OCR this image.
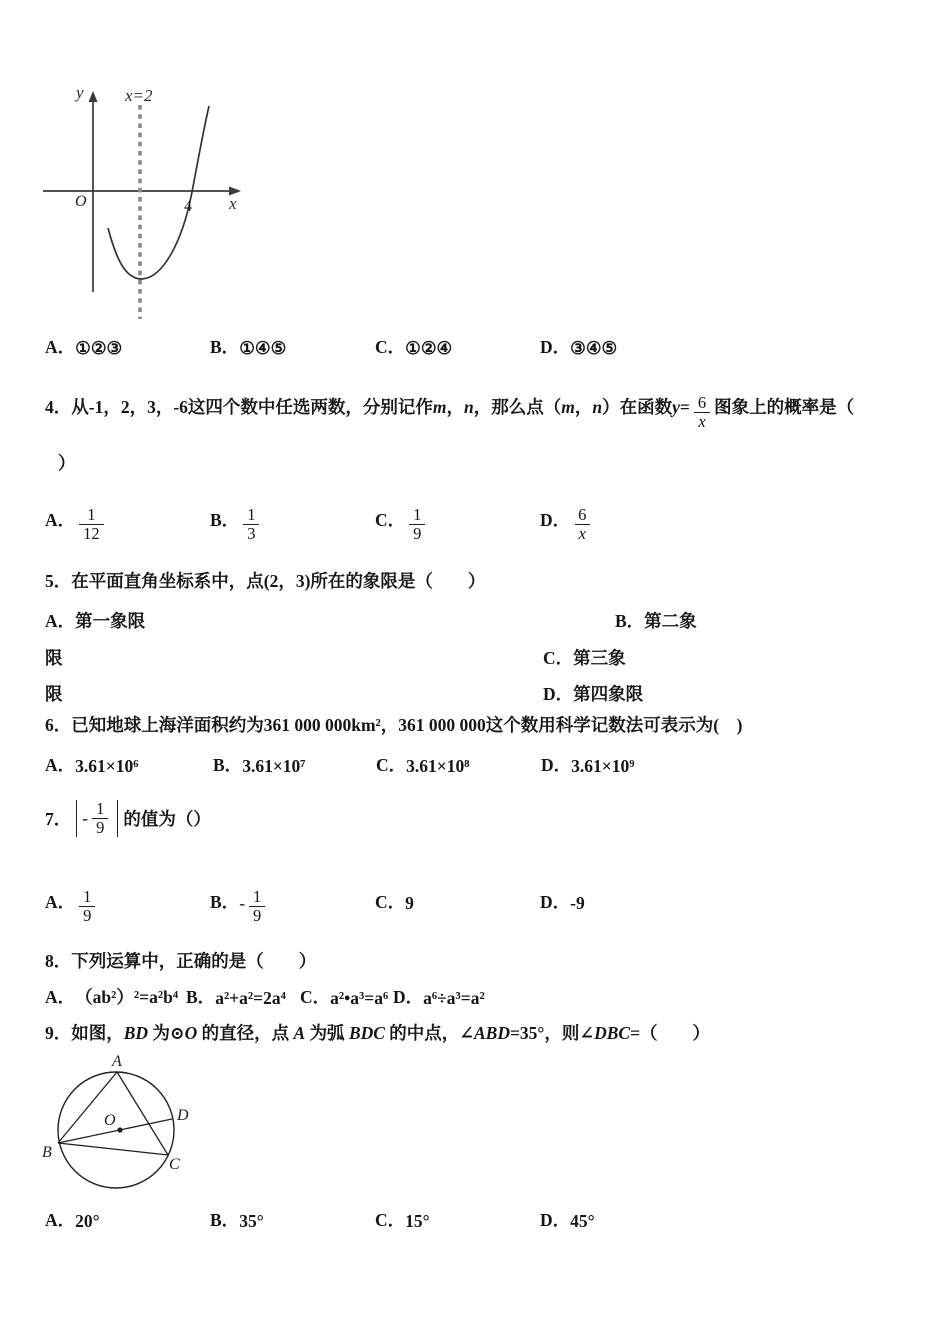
y x=2
O	4 x
A． ①②③	B． ①④⑤	C． ①②④	D． ③④⑤
4．从-1，2，3，-6这四个数中任选两数，分别记作 m ， n ，那么点（ m ， n ）在函数 $y = \frac{6}{x}$ 图象上的概率是（
）
A． $\frac{1}{12}$	B． $\frac{1}{3}$	C． $\frac{1}{9}$	D． $\frac{6}{x}$
5．在平面直角坐标系中，点(2，3)所在的象限是（　　）
A．第一象限	B．第二象
限	C．第三象
限	D．第四象限
6．已知地球上海洋面积约为361 000 000km²，361 000 000这个数用科学记数法可表示为(　)
A． 3.61×10⁶	B． 3.61×10⁷	C． 3.61×10⁸	D． 3.61×10⁹
7． - $\frac{1}{9}$ 的值为（）
A． $\frac{1}{9}$	B． - $\frac{1}{9}$	C． 9	D． -9
8．下列运算中，正确的是（　　）
A． （ab²）²=a²b⁴ B． a²+a²=2a⁴ C． a²•a³=a⁶ D． a⁶÷a³=a²
9．如图， BD 为⊙ O 的直径，点 A 为弧 BDC 的中点，∠ ABD =35°，则∠ DBC =（　　）
A
B
C
D
O
A． 20°	B． 35°	C． 15°	D． 45°
